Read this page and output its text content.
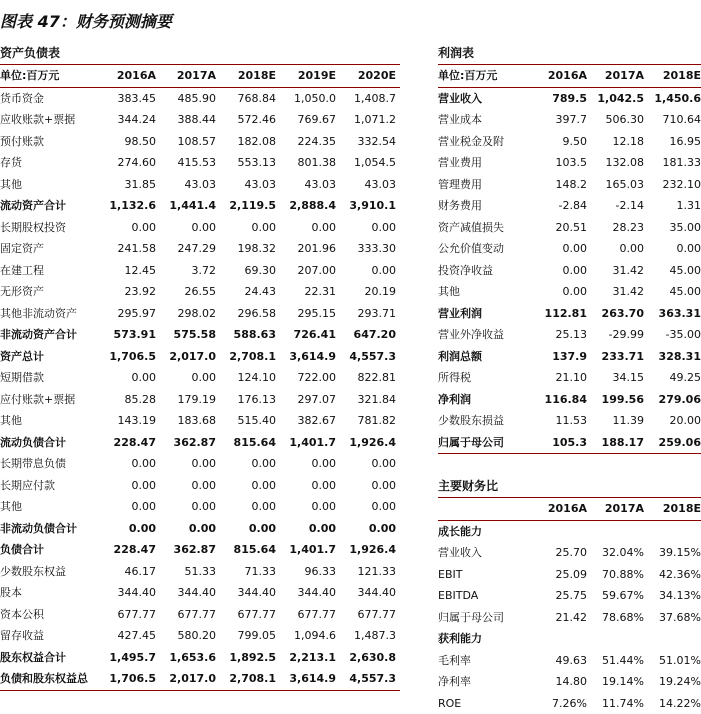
图表 47：财务预测摘要
资产负债表
单位:百万元	2016A	2017A	2018E	2019E	2020E
货币资金	383.45	485.90	768.84	1,050.0	1,408.7
应收账款+票据	344.24	388.44	572.46	769.67	1,071.2
预付账款	98.50	108.57	182.08	224.35	332.54
存货	274.60	415.53	553.13	801.38	1,054.5
其他	31.85	43.03	43.03	43.03	43.03
流动资产合计	1,132.6	1,441.4	2,119.5	2,888.4	3,910.1
长期股权投资	0.00	0.00	0.00	0.00	0.00
固定资产	241.58	247.29	198.32	201.96	333.30
在建工程	12.45	3.72	69.30	207.00	0.00
无形资产	23.92	26.55	24.43	22.31	20.19
其他非流动资产	295.97	298.02	296.58	295.15	293.71
非流动资产合计	573.91	575.58	588.63	726.41	647.20
资产总计	1,706.5	2,017.0	2,708.1	3,614.9	4,557.3
短期借款	0.00	0.00	124.10	722.00	822.81
应付账款+票据	85.28	179.19	176.13	297.07	321.84
其他	143.19	183.68	515.40	382.67	781.82
流动负债合计	228.47	362.87	815.64	1,401.7	1,926.4
长期带息负债	0.00	0.00	0.00	0.00	0.00
长期应付款	0.00	0.00	0.00	0.00	0.00
其他	0.00	0.00	0.00	0.00	0.00
非流动负债合计	0.00	0.00	0.00	0.00	0.00
负债合计	228.47	362.87	815.64	1,401.7	1,926.4
少数股东权益	46.17	51.33	71.33	96.33	121.33
股本	344.40	344.40	344.40	344.40	344.40
资本公积	677.77	677.77	677.77	677.77	677.77
留存收益	427.45	580.20	799.05	1,094.6	1,487.3
股东权益合计	1,495.7	1,653.6	1,892.5	2,213.1	2,630.8
负债和股东权益总	1,706.5	2,017.0	2,708.1	3,614.9	4,557.3
利润表
单位:百万元	2016A	2017A	2018E
营业收入	789.5 1,042.5 1,450.6
营业成本	397.7	506.30	710.64
营业税金及附	9.50	12.18	16.95
营业费用	103.5	132.08	181.33
管理费用	148.2	165.03	232.10
财务费用	-2.84	-2.14	1.31
资产减值损失	20.51	28.23	35.00
公允价值变动	0.00	0.00	0.00
投资净收益	0.00	31.42	45.00
其他	0.00	31.42	45.00
营业利润	112.81	263.70	363.31
营业外净收益	25.13	-29.99	-35.00
利润总额	137.9	233.71	328.31
所得税	21.10	34.15	49.25
净利润	116.84	199.56	279.06
少数股东损益	11.53	11.39	20.00
归属于母公司	105.3	188.17	259.06
主要财务比
2016A	2017A	2018E
成长能力
营业收入	25.70	32.04%	39.15%
EBIT	25.09	70.88%	42.36%
EBITDA	25.75	59.67%	34.13%
归属于母公司	21.42	78.68%	37.68%
获利能力
毛利率	49.63	51.44%	51.01%
净利率	14.80	19.14%	19.24%
ROE	7.26%	11.74%	14.22%
